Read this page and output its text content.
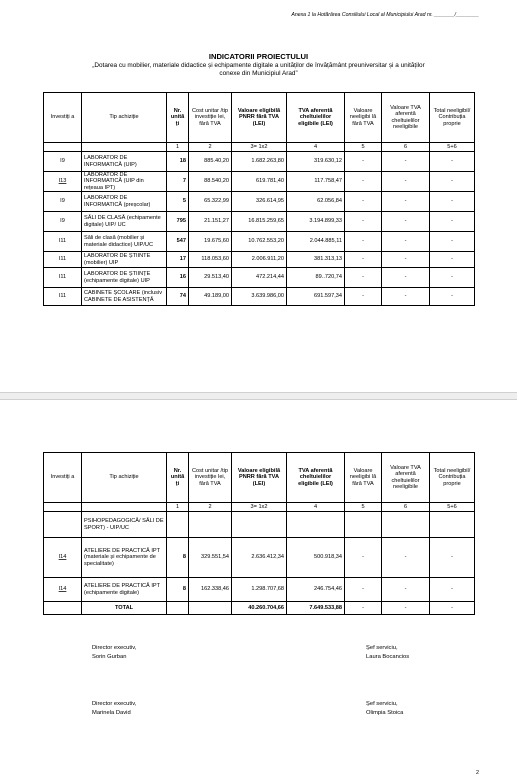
Anexa 1 la Hotărârea Consiliului Local al Municipiului Arad nr. _______/________
INDICATORII PROIECTULUI
„Dotarea cu mobilier, materiale didactice și echipamente digitale a unităților de învățământ preuniversitar și a unităților conexe din Municipiul Arad”
Investiți a	Tip achiziție	Nr. unită ți	Cost unitar /tip investiție lei, fără TVA	Valoare eligibilă PNRR fără TVA (LEI)	TVA aferentă cheltuielilor eligibile (LEI)	Valoare neeligibi lă fără TVA	Valoare TVA aferentă cheltuielilor neeligibile	Total neeligibil/ Contribuția proprie
		1	2	3= 1x2	4	5	6	5+6
I9	LABORATOR DE INFORMATICĂ (UIP)	18	885.40,20	1.682.263,80	319.630,12	-	-	-
I13	LABORATOR DE INFORMATICĂ (UIP din rețeaua IPT)	7	88.540,20	619.781,40	117.758,47	-	-	-
I9	LABORATOR DE INFORMATICĂ (preșcolar)	5	65.322,99	326.614,95	62.056,84	-	-	-
I9	SĂLI DE CLASĂ (echipamente digitale) UIP/ UC	795	21.151,27	16.815.259,65	3.194.899,33	-	-	-
I11	Săli de clasă (mobilier și materiale didactice) UIP/UC	547	19.675,60	10.762.553,20	2.044.885,11	-	-	-
I11	LABORATOR DE ȘTIINTE (mobilier) UIP	17	118.053,60	2.006.911,20	381.313,13	-	-	-
I11	LABORATOR DE ȘTIINȚE (echipamente digitale) UIP	16	29.513,40	472.214,44	89..720,74	-	-	-
I11	CABINETE ȘCOLARE (inclusiv CABINETE DE ASISTENȚĂ	74	49.189,00	3.639.986,00	691.597,34	-	-	-
Investiți a	Tip achiziție	Nr. unită ți	Cost unitar /tip investiție lei, fără TVA	Valoare eligibilă PNRR fără TVA (LEI)	TVA aferentă cheltuielilor eligibile (LEI)	Valoare neeligibi lă fără TVA	Valoare TVA aferentă cheltuielilor neeligibile	Total neeligibil/ Contribuția proprie
		1	2	3= 1x2	4	5	6	5+6
	PSIHOPEDAGOGICĂ/ SĂLI DE SPORT) - UIP/UC							
I14	ATELIERE DE PRACTICĂ IPT (materiale și echipamente de specialitate)	8	329.551,54	2.636.412,34	500.918,34	-	-	-
I14	ATELIERE DE PRACTICĂ IPT (echipamente digitale)	8	162.338,46	1.298.707,68	246.754,46	-	-	-
	TOTAL			40.260.704,66	7.649.533,88	-	-	-
Director executiv,
Sorin Gurban
Șef serviciu,
Laura Bocancios
Director executiv,
Marinela David
Șef serviciu,
Olimpia Stoica
2
